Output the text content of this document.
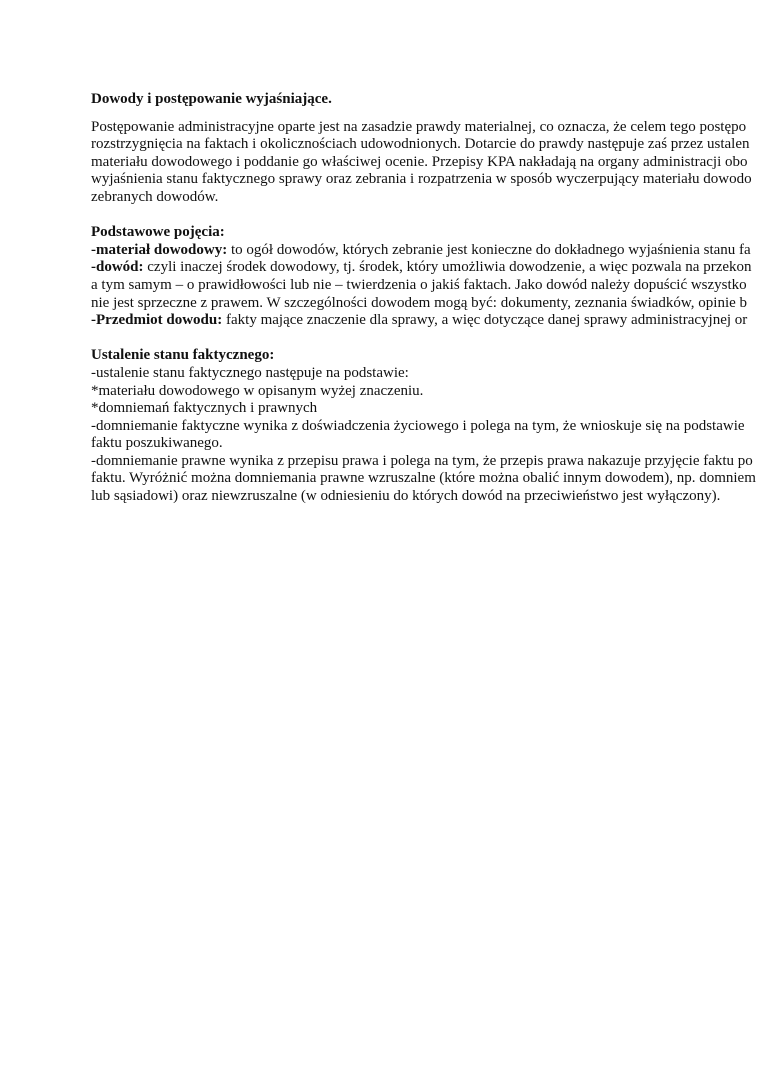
Dowody i postępowanie wyjaśniające.
Postępowanie administracyjne oparte jest na zasadzie prawdy materialnej, co oznacza, że celem tego postępo
rozstrzygnięcia na faktach i okolicznościach udowodnionych. Dotarcie do prawdy następuje zaś przez ustalen
materiału dowodowego i poddanie go właściwej ocenie. Przepisy KPA nakładają na organy administracji obo
wyjaśnienia stanu faktycznego sprawy oraz zebrania i rozpatrzenia w sposób wyczerpujący materiału dowodo
zebranych dowodów.
Podstawowe pojęcia:
-materiał dowodowy: to ogół dowodów, których zebranie jest konieczne do dokładnego wyjaśnienia stanu fa
-dowód: czyli inaczej środek dowodowy, tj. środek, który umożliwia dowodzenie, a więc pozwala na przekon
a tym samym – o prawidłowości lub nie – twierdzenia o jakiś faktach. Jako dowód należy dopuścić wszystko
nie jest sprzeczne z prawem. W szczególności dowodem mogą być: dokumenty, zeznania świadków, opinie b
-Przedmiot dowodu: fakty mające znaczenie dla sprawy, a więc dotyczące danej sprawy administracyjnej or
Ustalenie stanu faktycznego:
-ustalenie stanu faktycznego następuje na podstawie:
*materiału dowodowego w opisanym wyżej znaczeniu.
*domniemań faktycznych i prawnych
-domniemanie faktyczne wynika z doświadczenia życiowego i polega na tym, że wnioskuje się na podstawie
faktu poszukiwanego.
-domniemanie prawne wynika z przepisu prawa i polega na tym, że przepis prawa nakazuje przyjęcie faktu po
faktu. Wyróżnić można domniemania prawne wzruszalne (które można obalić innym dowodem), np. domniem
lub sąsiadowi) oraz niewzruszalne (w odniesieniu do których dowód na przeciwieństwo jest wyłączony).
